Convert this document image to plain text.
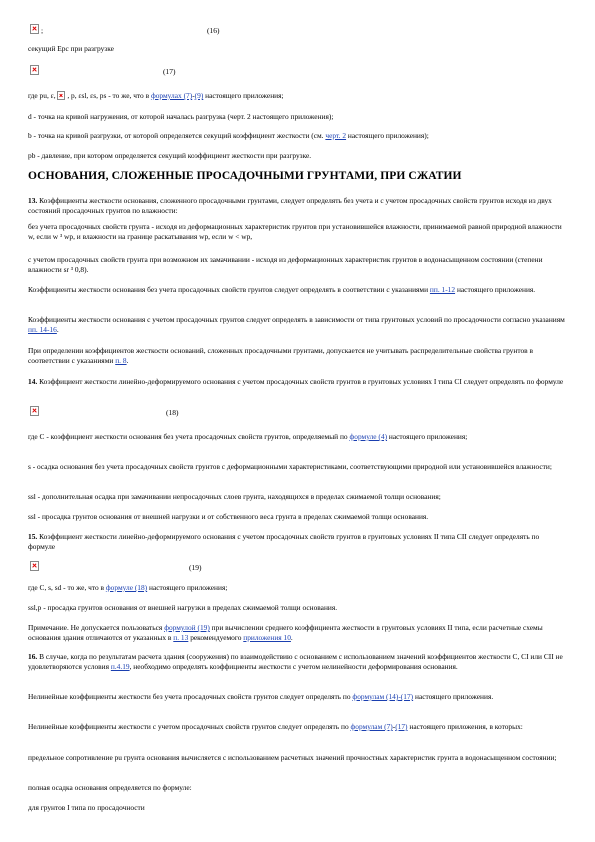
;	(16)

секущий Eрс при разгрузке

(17)

где pu, ε, , p, εsl, εs, ps - то же, что в формулах (7)-(9) настоящего приложения;

d - точка на кривой нагружения, от которой началась разгрузка (черт. 2 настоящего приложения);

b - точка на кривой разгрузки, от которой определяется секущий коэффициент жесткости (см. черт. 2 настоящего приложения);

pb - давление, при котором определяется секущий коэффициент жесткости при разгрузке.

ОСНОВАНИЯ, СЛОЖЕННЫЕ ПРОСАДОЧНЫМИ ГРУНТАМИ, ПРИ СЖАТИИ

13. Коэффициенты жесткости основания, сложенного просадочными грунтами, следует определять без учета и с учетом просадочных свойств грунтов исходя из двух состояний просадочных грунтов по влажности:

без учета просадочных свойств грунта - исходя из деформационных характеристик грунтов при установившейся влажности, принимаемой равной природной влажности w, если w ³ wp, и влажности на границе раскатывания wp, если w < wp,

с учетом просадочных свойств грунта при возможном их замачивании - исходя из деформационных характеристик грунтов в водонасыщенном состоянии (степени влажности sr ³ 0,8).

Коэффициенты жесткости основания без учета просадочных свойств грунтов следует определять в соответствии с указаниями пп. 1-12 настоящего приложения.

Коэффициенты жесткости основания с учетом просадочных грунтов следует определять в зависимости от типа грунтовых условий по просадочности согласно указаниям пп. 14-16.

При определении коэффициентов жесткости оснований, сложенных просадочными грунтами, допускается не учитывать распределительные свойства грунтов в соответствии с указаниями п. 8.

14. Коэффициент жесткости линейно-деформируемого основания с учетом просадочных свойств грунтов в грунтовых условиях I типа CI следует определять по формуле

(18)

где C - коэффициент жесткости основания без учета просадочных свойств грунтов, определяемый по формуле (4) настоящего приложения;

s - осадка основания без учета просадочных свойств грунтов с деформационными характеристиками, соответствующими природной или установившейся влажности;

ssl - дополнительная осадка при замачивании непросадочных слоев грунта, находящихся в пределах сжимаемой толщи основания;

ssl - просадка грунтов основания от внешней нагрузки и от собственного веса грунта в пределах сжимаемой толщи основания.

15. Коэффициент жесткости линейно-деформируемого основания с учетом просадочных свойств грунтов в грунтовых условиях II типа CII следует определять по формуле

(19)

где C, s, sd - то же, что в формуле (18) настоящего приложения;

ssl,p - просадка грунтов основания от внешней нагрузки в пределах сжимаемой толщи основания.

Примечание. Не допускается пользоваться формулой (19) при вычислении среднего коэффициента жесткости в грунтовых условиях II типа, если расчетные схемы основания здания отличаются от указанных в п. 13 рекомендуемого приложения 10.

16. В случае, когда по результатам расчета здания (сооружения) по взаимодействию с основанием с использованием значений коэффициентов жесткости C, CI или CII не удовлетворяются условия п.4.19, необходимо определять коэффициенты жесткости с учетом нелинейности деформирования основания.

Нелинейные коэффициенты жесткости без учета просадочных свойств грунтов следует определять по формулам (14)-(17) настоящего приложения.

Нелинейные коэффициенты жесткости с учетом просадочных свойств грунтов следует определять по формулам (7)-(17) настоящего приложения, в которых:

предельное сопротивление pu грунта основания вычисляется с использованием расчетных значений прочностных характеристик грунта в водонасыщенном состоянии;

полная осадка основания определяется по формуле:

для грунтов I типа по просадочности
